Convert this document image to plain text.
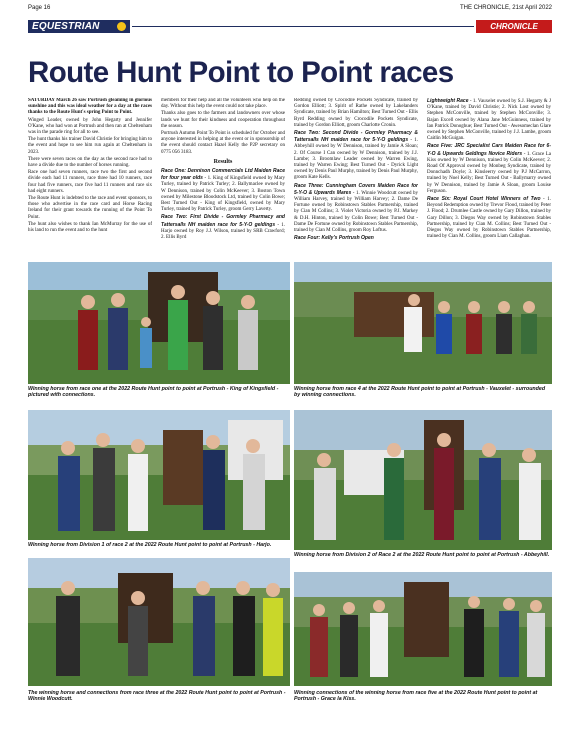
Page 16	THE CHRONICLE, 21st April 2022
EQUESTRIAN	CHRONICLE SPORT
Route Hunt Point to Point races

SATURDAY March 26 saw Portrush gleaming in glorious sunshine and this was ideal weather for a day at the races thanks to the Route Hunt's spring Point to Point.

Winged Leader, owned by John Hegarty and Jennifer O'Kane, who had won at Portrush and then ran at Cheltenham was in the parade ring for all to see.

The hunt thanks his trainer David Christie for bringing him to the event and hope to see him run again at Cheltenham in 2023.

There were seven races on the day as the second race had to have a divide due to the number of horses running.

Race one had seven runners, race two the first and second divide each had 11 runners, race three had 10 runners, race four had five runners, race five had 11 runners and race six had eight runners.

The Route Hunt is indebted to the race and event sponsors, to those who advertise in the race card and Horse Racing Ireland for their grant towards the running of the Point To Point.

The hunt also wishes to thank Ian McMurray for the use of his land to run the event and to the hunt

members for their help and all the volunteers who help on the day. Without this help the event could not take place.

Thanks also goes to the farmers and landowners over whose lands we hunt for their kindness and cooperation throughout the season.

Portrush Autumn Point To Point is scheduled for October and anyone interested in helping at the event or in sponsorship of the event should contact Hazel Kelly the P2P secretary on 0775 056 3183.

Results

Race One: Dennison Commercials Ltd Maiden Race for four year olds - 1. King of Kingsfield owned by Mary Turley, trained by Patrick Turley; 2. Ballymaclee owned by W Dennison, trained by Colin McKeever; 3. Boston Town owned by Milestone Bloodstock Ltd, trained by Colin Bowe; Best Turned Out - King of Kingsfield, owned by Mary Turley, trained by Patrick Turley, groom Gerry Laverty.

Race Two: First Divide - Gormley Pharmacy and Tattersalls NH maiden race for 5-Y-O geldings - 1. Harjo owned by Roy J.J. Wilson, trained by SRB Crawford; 2. Ellis Byrd

Redding owned by Crocodile Pockets Syndicate, trained by Gordon Elliott; 3. Spirit of Rathe owned by Lakelanders Syndicate, trained by Brian Hamilton; Best Turned Out - Ellis Byrd Redding owned by Crocodile Pockets Syndicate, trained by Gordon Elliott, groom Charlotte Cronin.

Race Two: Second Divide - Gormley Pharmacy & Tattersalls NH maiden race for 5-Y-O geldings - 1. Abbeyhill owned by W Dennison, trained by Jamie A Sloan; 2. Of Course I Can owned by W Dennison, trained by J.J. Lambe; 3. Broomlaw Leader owned by Warren Ewing, trained by Warren Ewing; Best Turned Out - Dyrick Light owned by Denis Paul Murphy, trained by Denis Paul Murphy, groom Kate Kells.

Race Three: Cunningham Covers Maiden Race for 5-Y-O & Upwards Mares - 1. Winnie Woodcutt owned by William Harvey, trained by William Harvey; 2. Dame De Fortune owned by Robinstown Stables Partnership, trained by Cian M Collins; 3. Violet Victoria owned by P.J. Markey & D.H. Hinton, trained by Colin Bowe; Best Turned Out - Dame De Fortune owned by Robinstown Stables Partnership, trained by Cian M Collins, groom Roy Loftus.

Race Four: Kelly's Portrush Open

Lightweight Race - 1. Vauxelet owned by S.J. Hegarty & J O'Kane, trained by David Christie; 2. Nick Lost owned by Stephen McConville, trained by Stephen McConville; 3. Bajan Excell owned by Alana Jane McGuinness, trained by Ian Patrick Donoghue; Best Turned Out - Awesomeclan Glare owned by Stephen McConville, trained by J.J. Lambe, groom Caitlin McGuigan.

Race Five: JRC Specialist Cars Maiden Race for 6-Y-O & Upwards Geldings Novice Riders - 1. Grace La Kiss owned by W Dennison, trained by Colin McKeever; 2. Road Of Approval owned by Monbeg Syndicate, trained by Donnchadh Doyle; 3. Kinsleerry owned by P.J McCarron, trained by Noel Kelly; Best Turned Out - Ballymarry owned by W Dennison, trained by Jamie A Sloan, groom Louise Ferguson.

Race Six: Royal Court Hotel Winners of Two - 1. Beyond Redemption owned by Trevor Flood, trained by Peter J. Flood; 2. Drumlee Castle owned by Gary Dillon, trained by Gary Dillon; 3. Diegos Way owned by Robinstown Stables Partnership, trained by Cian M. Collins; Best Turned Out - Diegos Way owned by Robinstown Stables Partnership, trained by Cian M. Collins, groom Liam Callaghan.

Winning horse from race one at the 2022 Route Hunt point to point at Portrush - King of Kingsfield - pictured with connections.
Winning horse from race 4 at the 2022 Route Hunt point to point at Portrush - Vauxelet - surrounded by winning connections.
Winning horse from Division 1 of race 2 at the 2022 Route Hunt point to point at Portrush - Harjo.
Winning horse from Division 2 of Race 2 at the 2022 Route Hunt point to point at Portrush - Abbeyhill.
The winning horse and connections from race three at the 2022 Route Hunt point to point at Portrush - Winnie Woodcutt.
Winning connections of the winning horse from race five at the 2022 Route Hunt point to point at Portrush - Grace la Kiss.
